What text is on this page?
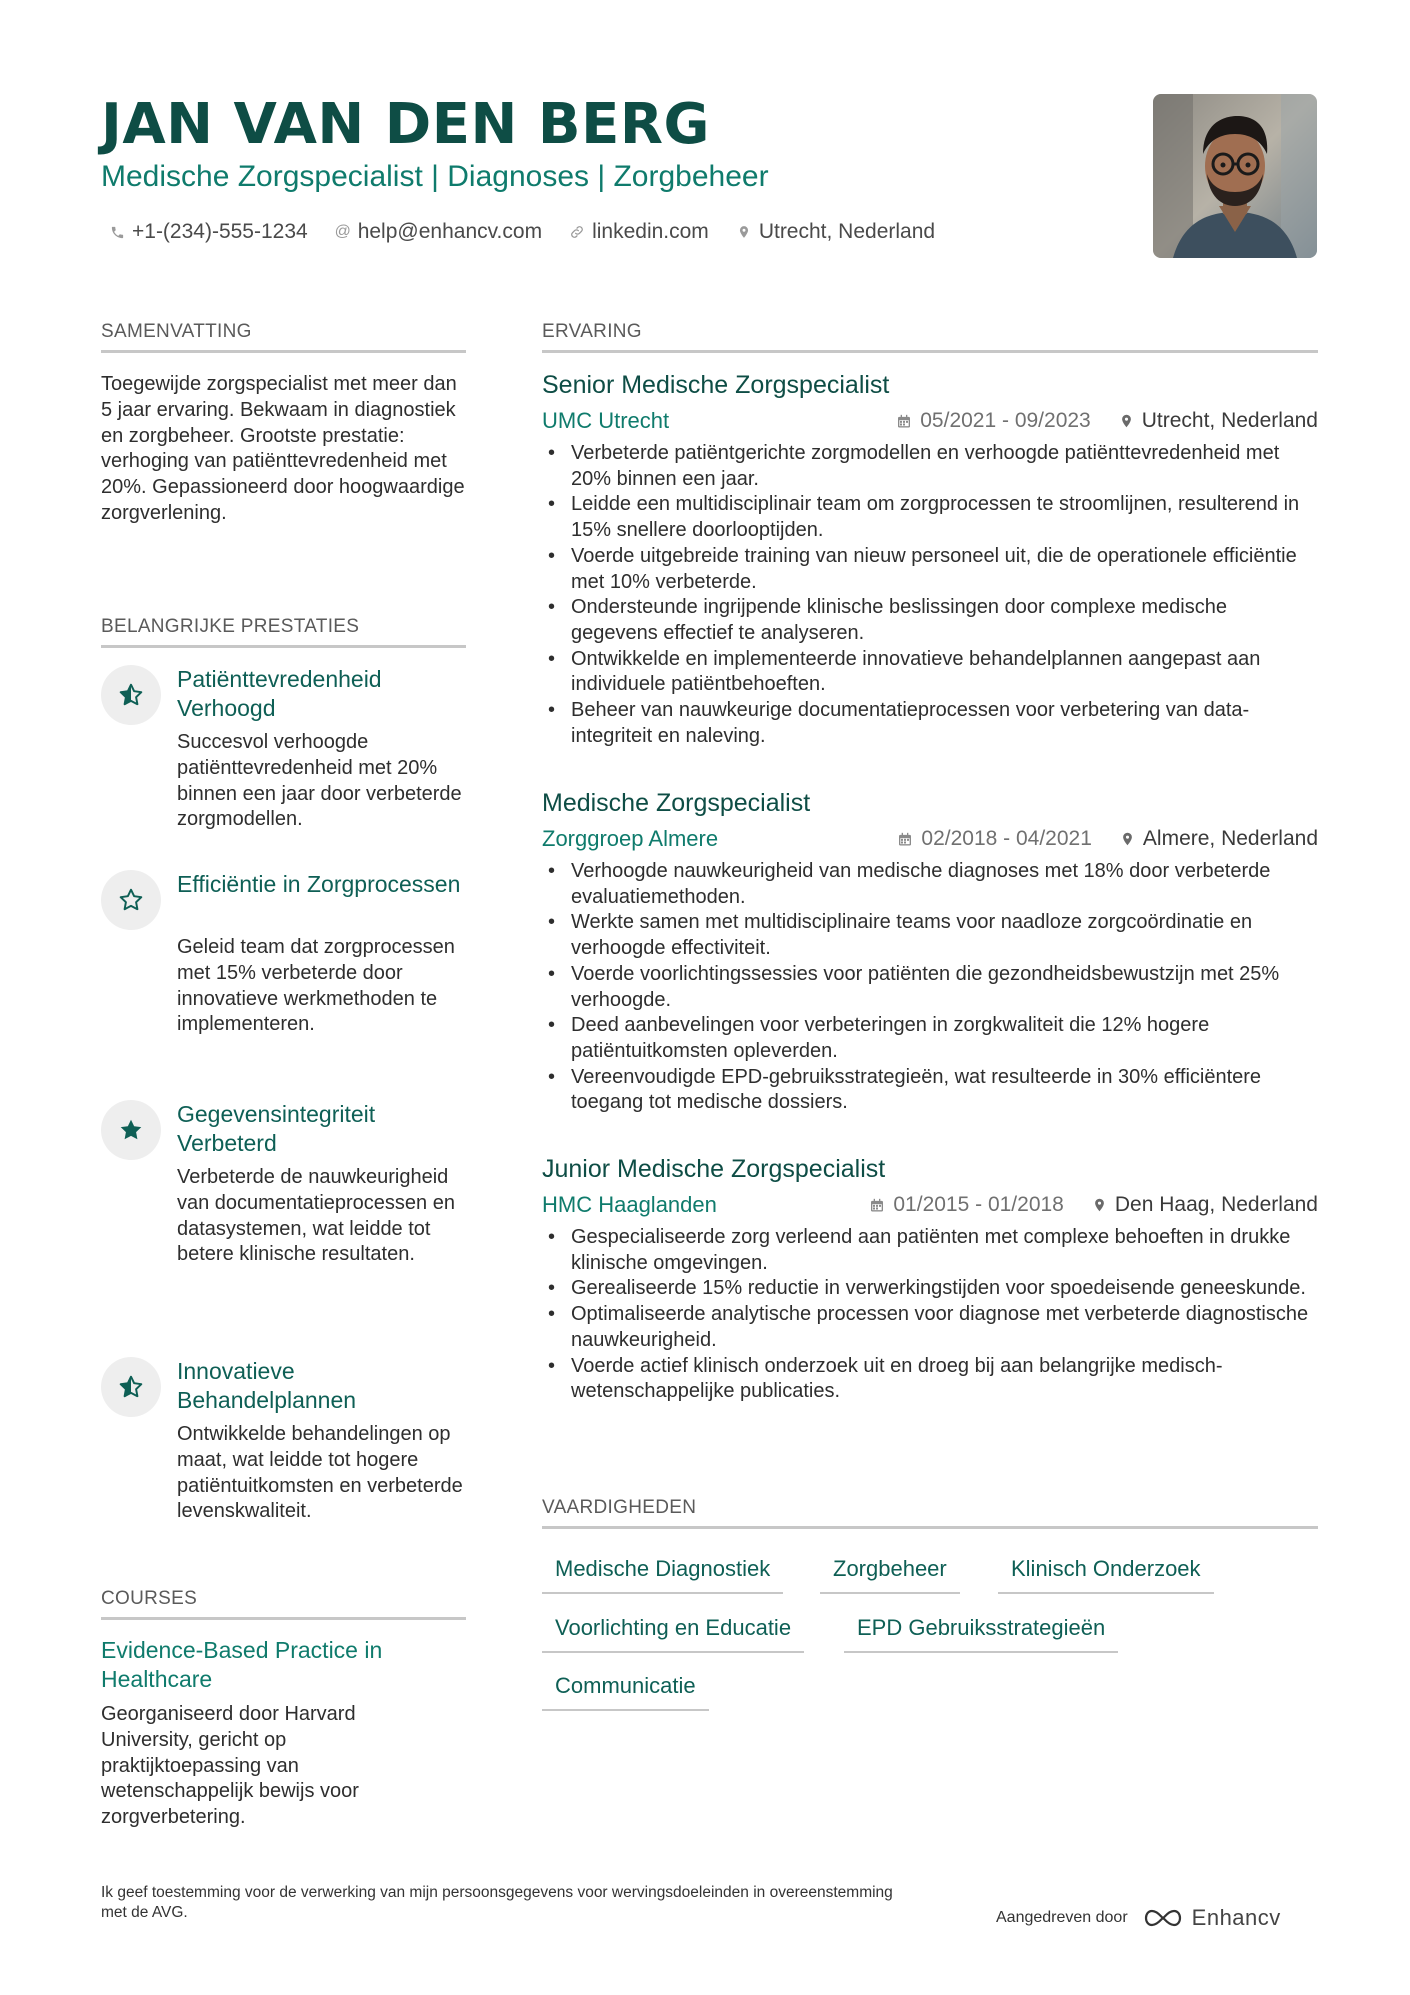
JAN VAN DEN BERG
Medische Zorgspecialist | Diagnoses | Zorgbeheer
+1-(234)-555-1234 @ help@enhancv.com linkedin.com Utrecht, Nederland
SAMENVATTING

Toegewijde zorgspecialist met meer dan 5 jaar ervaring. Bekwaam in diagnostiek en zorgbeheer. Grootste prestatie: verhoging van patiënttevredenheid met 20%. Gepassioneerd door hoogwaardige zorgverlening.

BELANGRIJKE PRESTATIES
Patiënttevredenheid Verhoogd
Succesvol verhoogde patiënttevredenheid met 20% binnen een jaar door verbeterde zorgmodellen.
Efficiëntie in Zorgprocessen
Geleid team dat zorgprocessen met 15% verbeterde door innovatieve werkmethoden te implementeren.
Gegevensintegriteit Verbeterd
Verbeterde de nauwkeurigheid van documentatieprocessen en datasystemen, wat leidde tot betere klinische resultaten.
Innovatieve Behandelplannen
Ontwikkelde behandelingen op maat, wat leidde tot hogere patiëntuitkomsten en verbeterde levenskwaliteit.
COURSES
Evidence-Based Practice in Healthcare

Georganiseerd door Harvard University, gericht op praktijktoepassing van wetenschappelijk bewijs voor zorgverbetering.

ERVARING
Senior Medische Zorgspecialist
UMC Utrecht	05/2021 - 09/2023 Utrecht, Nederland
• Verbeterde patiëntgerichte zorgmodellen en verhoogde patiënttevredenheid met 20% binnen een jaar.
• Leidde een multidisciplinair team om zorgprocessen te stroomlijnen, resulterend in 15% snellere doorlooptijden.
• Voerde uitgebreide training van nieuw personeel uit, die de operationele efficiëntie met 10% verbeterde.
• Ondersteunde ingrijpende klinische beslissingen door complexe medische gegevens effectief te analyseren.
• Ontwikkelde en implementeerde innovatieve behandelplannen aangepast aan individuele patiëntbehoeften.
• Beheer van nauwkeurige documentatieprocessen voor verbetering van data-integriteit en naleving.
Medische Zorgspecialist
Zorggroep Almere	02/2018 - 04/2021 Almere, Nederland
• Verhoogde nauwkeurigheid van medische diagnoses met 18% door verbeterde evaluatiemethoden.
• Werkte samen met multidisciplinaire teams voor naadloze zorgcoördinatie en verhoogde effectiviteit.
• Voerde voorlichtingssessies voor patiënten die gezondheidsbewustzijn met 25% verhoogde.
• Deed aanbevelingen voor verbeteringen in zorgkwaliteit die 12% hogere patiëntuitkomsten opleverden.
• Vereenvoudigde EPD-gebruiksstrategieën, wat resulteerde in 30% efficiëntere toegang tot medische dossiers.
Junior Medische Zorgspecialist
HMC Haaglanden	01/2015 - 01/2018 Den Haag, Nederland
• Gespecialiseerde zorg verleend aan patiënten met complexe behoeften in drukke klinische omgevingen.
• Gerealiseerde 15% reductie in verwerkingstijden voor spoedeisende geneeskunde.
• Optimaliseerde analytische processen voor diagnose met verbeterde diagnostische nauwkeurigheid.
• Voerde actief klinisch onderzoek uit en droeg bij aan belangrijke medisch-wetenschappelijke publicaties.
VAARDIGHEDEN
Medische Diagnostiek	Zorgbeheer	Klinisch Onderzoek
Voorlichting en Educatie	EPD Gebruiksstrategieën
Communicatie

Ik geef toestemming voor de verwerking van mijn persoonsgegevens voor wervingsdoeleinden in overeenstemming met de AVG.	Aangedreven door	Enhancv
